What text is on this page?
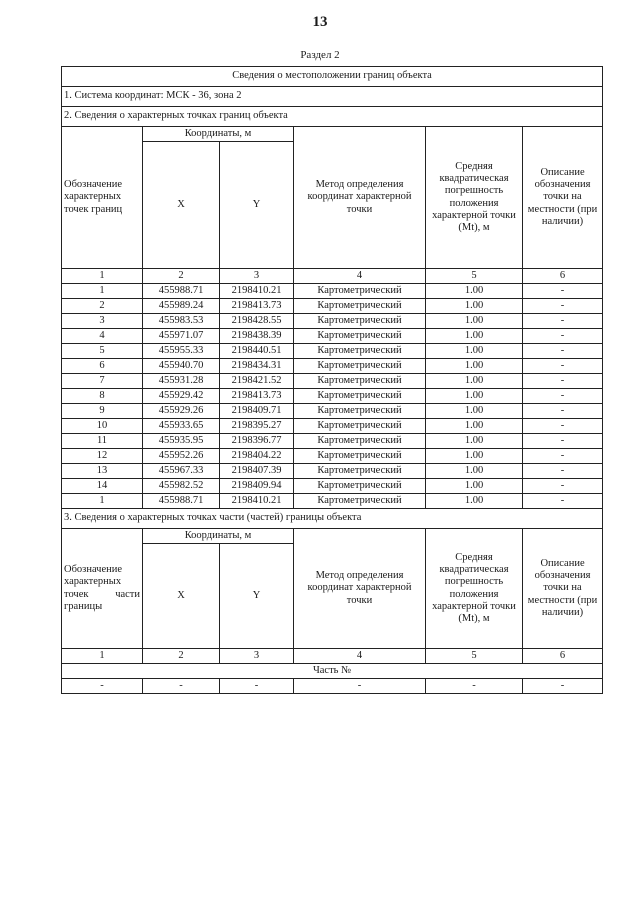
13
Раздел 2
Сведения о местоположении границ объекта					
1. Система координат: МСК - 36, зона 2					
2. Сведения о характерных точках границ объекта					
Обозначение характерных точек границ	Координаты, м		Метод определения координат характерной точки	Средняя квадратическая погрешность положения характерной точки (Mt), м	Описание обозначения точки на местности (при наличии)
	X	Y			
1	2	3	4	5	6
1	455988.71	2198410.21	Картометрический	1.00	-
2	455989.24	2198413.73	Картометрический	1.00	-
3	455983.53	2198428.55	Картометрический	1.00	-
4	455971.07	2198438.39	Картометрический	1.00	-
5	455955.33	2198440.51	Картометрический	1.00	-
6	455940.70	2198434.31	Картометрический	1.00	-
7	455931.28	2198421.52	Картометрический	1.00	-
8	455929.42	2198413.73	Картометрический	1.00	-
9	455929.26	2198409.71	Картометрический	1.00	-
10	455933.65	2198395.27	Картометрический	1.00	-
11	455935.95	2198396.77	Картометрический	1.00	-
12	455952.26	2198404.22	Картометрический	1.00	-
13	455967.33	2198407.39	Картометрический	1.00	-
14	455982.52	2198409.94	Картометрический	1.00	-
1	455988.71	2198410.21	Картометрический	1.00	-
3. Сведения о характерных точках части (частей) границы объекта					
Обозначение характерных точек части границы	Координаты, м		Метод определения координат характерной точки	Средняя квадратическая погрешность положения характерной точки (Mt), м	Описание обозначения точки на местности (при наличии)
	X	Y			
1	2	3	4	5	6
Часть №					
-	-	-	-	-	-
